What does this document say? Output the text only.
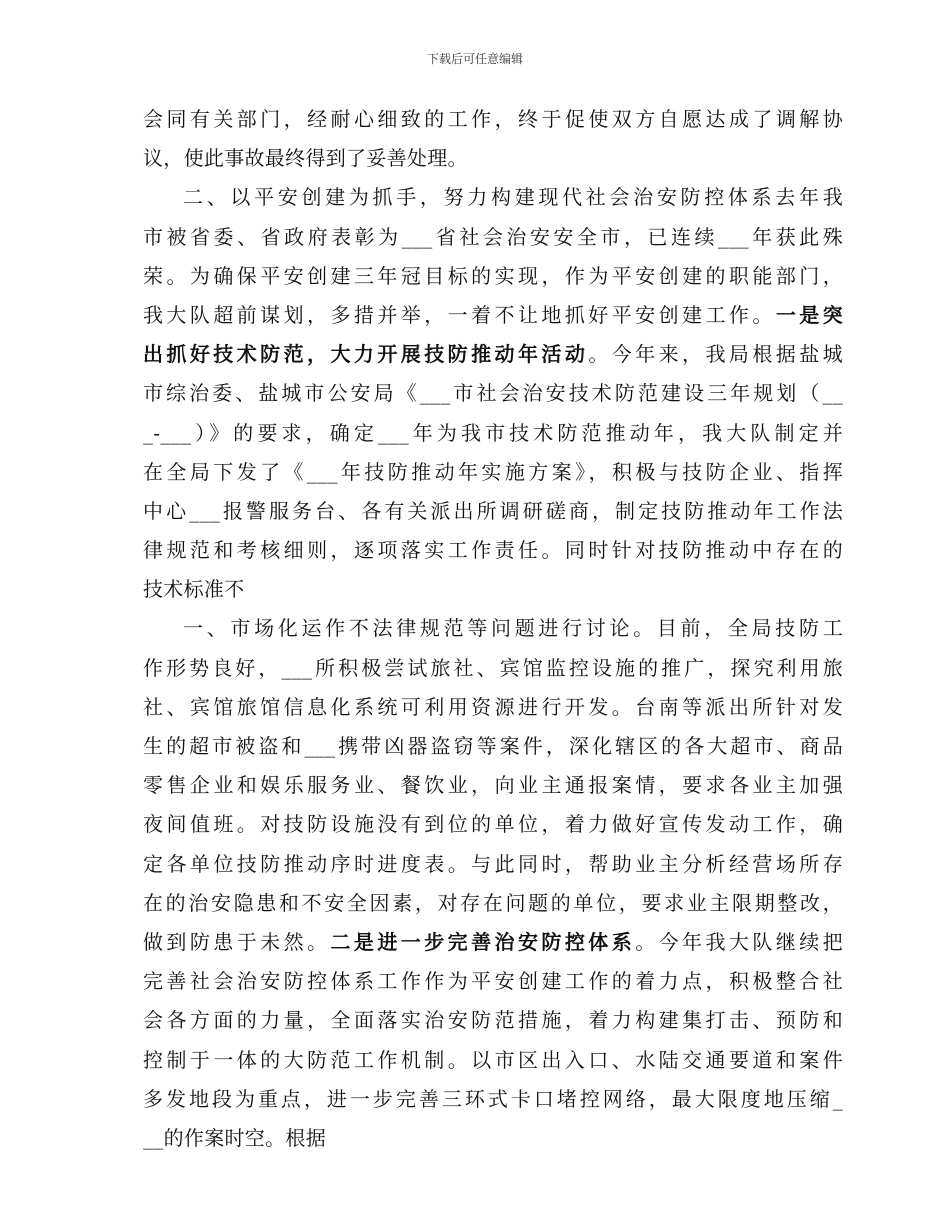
下载后可任意编辑
会同有关部门，经耐心细致的工作，终于促使双方自愿达成了调解协
议，使此事故最终得到了妥善处理。
二、以平安创建为抓手，努力构建现代社会治安防控体系去年我
市被省委、省政府表彰为___省社会治安安全市，已连续___年获此殊
荣。为确保平安创建三年冠目标的实现，作为平安创建的职能部门，
我大队超前谋划，多措并举，一着不让地抓好平安创建工作。一是突
出抓好技术防范，大力开展技防推动年活动。今年来，我局根据盐城
市综治委、盐城市公安局《___市社会治安技术防范建设三年规划（__
_-___）》的要求，确定___年为我市技术防范推动年，我大队制定并
在全局下发了《___年技防推动年实施方案》，积极与技防企业、指挥
中心___报警服务台、各有关派出所调研磋商，制定技防推动年工作法
律规范和考核细则，逐项落实工作责任。同时针对技防推动中存在的
技术标准不
一、市场化运作不法律规范等问题进行讨论。目前，全局技防工
作形势良好，___所积极尝试旅社、宾馆监控设施的推广，探究利用旅
社、宾馆旅馆信息化系统可利用资源进行开发。台南等派出所针对发
生的超市被盗和___携带凶器盗窃等案件，深化辖区的各大超市、商品
零售企业和娱乐服务业、餐饮业，向业主通报案情，要求各业主加强
夜间值班。对技防设施没有到位的单位，着力做好宣传发动工作，确
定各单位技防推动序时进度表。与此同时，帮助业主分析经营场所存
在的治安隐患和不安全因素，对存在问题的单位，要求业主限期整改，
做到防患于未然。二是进一步完善治安防控体系。今年我大队继续把
完善社会治安防控体系工作作为平安创建工作的着力点，积极整合社
会各方面的力量，全面落实治安防范措施，着力构建集打击、预防和
控制于一体的大防范工作机制。以市区出入口、水陆交通要道和案件
多发地段为重点，进一步完善三环式卡口堵控网络，最大限度地压缩_
__的作案时空。根据
